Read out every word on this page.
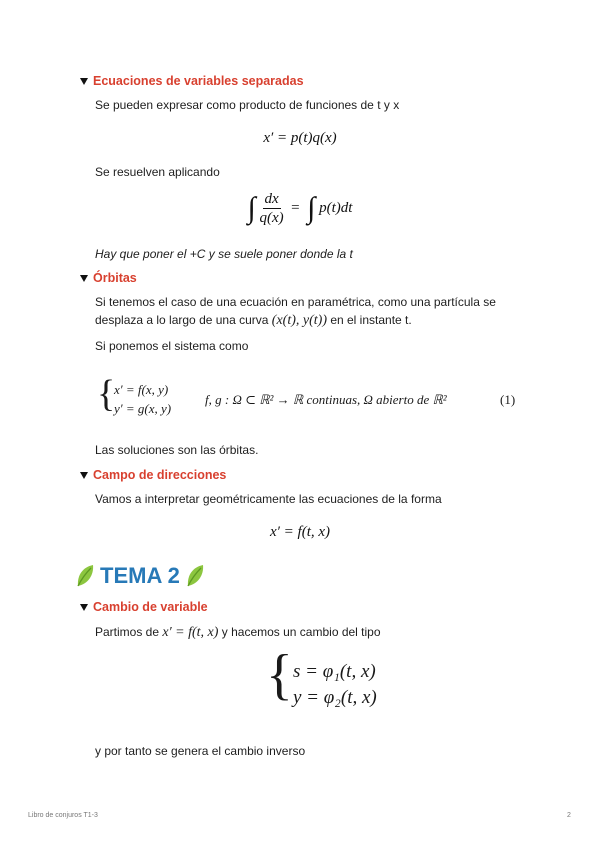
Ecuaciones de variables separadas
Se pueden expresar como producto de funciones de t y x
x′ = p(t)q(x)
Se resuelven aplicando
∫ $\frac{dx}{q(x)}$ =  ∫ p(t)dt
Hay que poner el +C y se suele poner donde la t
Órbitas
Si tenemos el caso de una ecuación en paramétrica, como una partícula se
desplaza a lo largo de una curva (x(t), y(t)) en el instante t.
Si ponemos el sistema como
{
x′ = f(x, y)
y′ = g(x, y)
f, g : Ω ⊂ ℝ² → ℝ continuas, Ω abierto de ℝ²	(1)
Las soluciones son las órbitas.
Campo de direcciones
Vamos a interpretar geométricamente las ecuaciones de la forma
x′ = f(t, x)
TEMA 2
Cambio de variable
Partimos de x′ = f(t, x) y hacemos un cambio del tipo
{ s = φ₁(t, x)
y = φ₂(t, x)
y por tanto se genera el cambio inverso
Libro de conjuros T1-3	2
